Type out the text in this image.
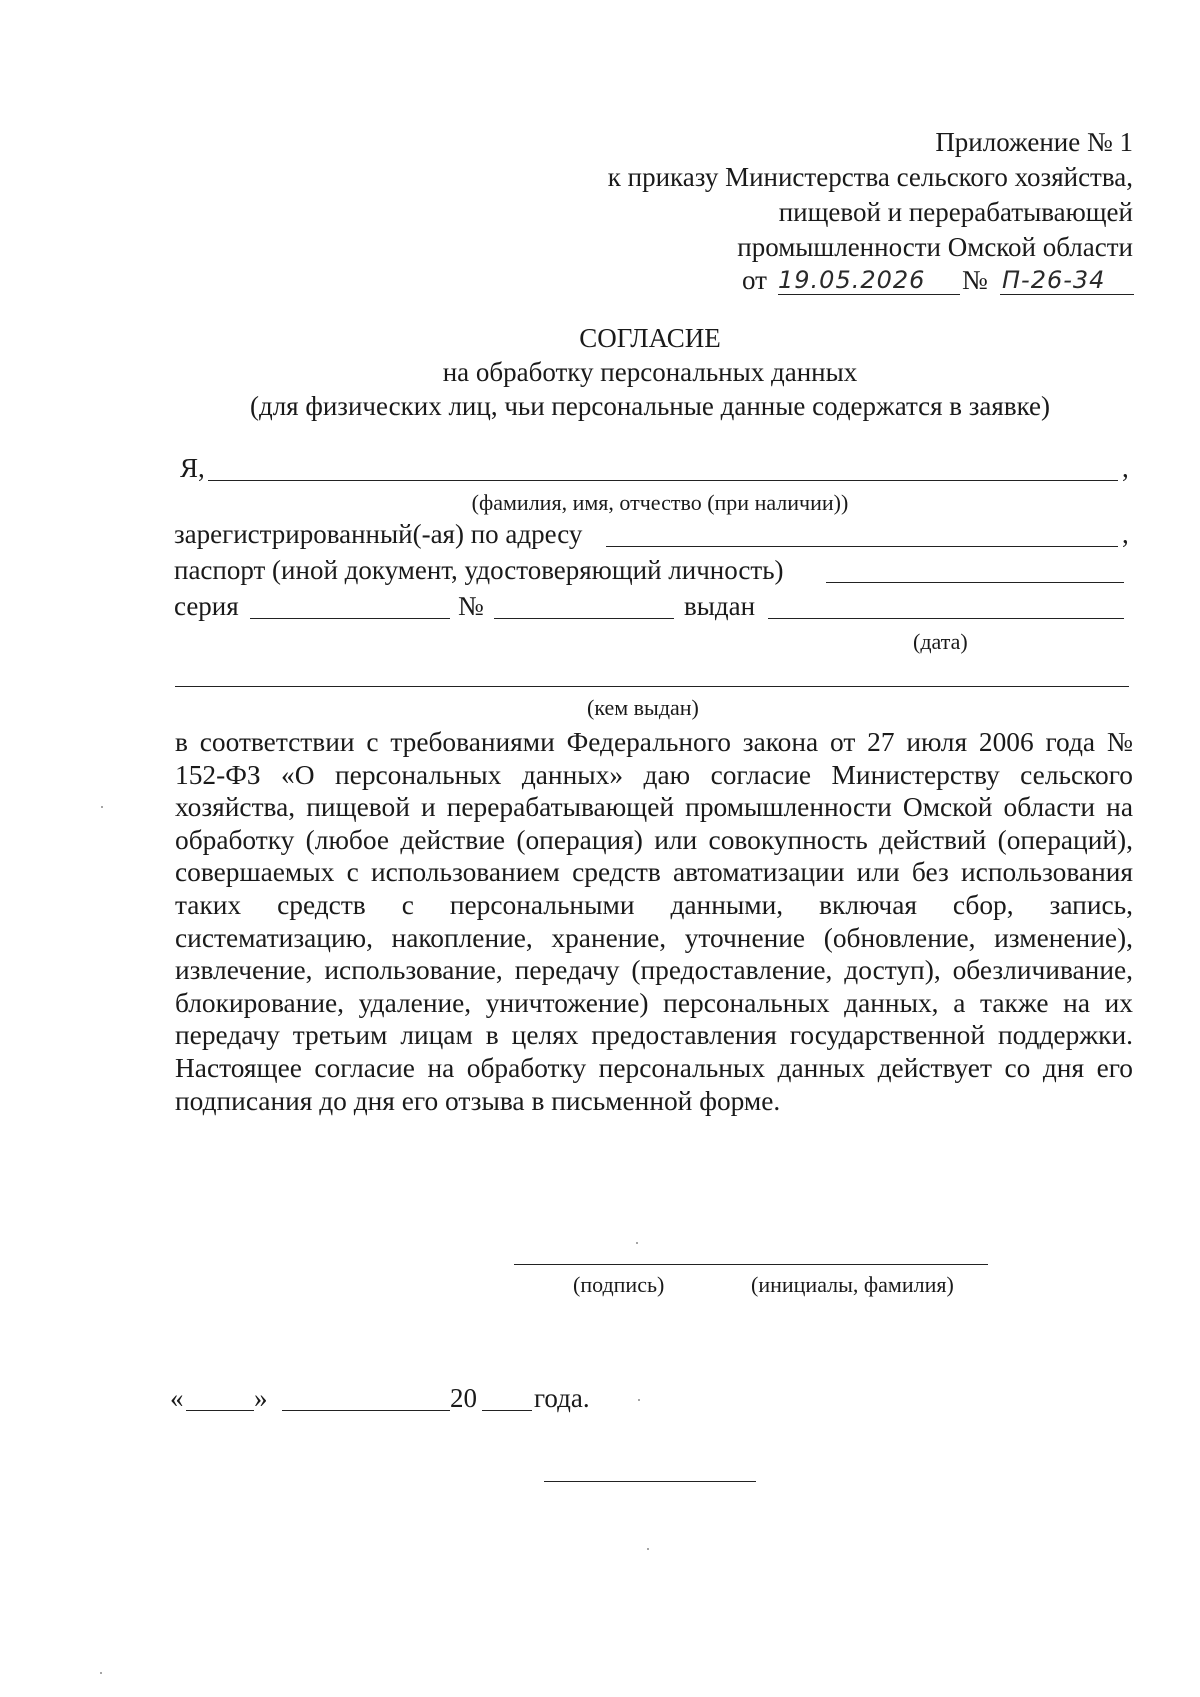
Приложение № 1
к приказу Министерства сельского хозяйства,
пищевой и перерабатывающей
промышленности Омской области
от 19.05.2026 № П-26-34
СОГЛАСИЕ
на обработку персональных данных
(для физических лиц, чьи персональные данные содержатся в заявке)
Я,	,
(фамилия, имя, отчество (при наличии))
зарегистрированный(-ая) по адресу	,
паспорт (иной документ, удостоверяющий личность)
серия	№	выдан
(дата)
(кем выдан)
в соответствии с требованиями Федерального закона от 27 июля 2006 года № 152-ФЗ «О персональных данных» даю согласие Министерству сельского хозяйства, пищевой и перерабатывающей промышленности Омской области на обработку (любое действие (операция) или совокупность действий (операций), совершаемых с использованием средств автоматизации или без использования таких средств с персональными данными, включая сбор, запись, систематизацию, накопление, хранение, уточнение (обновление, изменение), извлечение, использование, передачу (предоставление, доступ), обезличивание, блокирование, удаление, уничтожение) персональных данных, а также на их передачу третьим лицам в целях предоставления государственной поддержки. Настоящее согласие на обработку персональных данных действует со дня его подписания до дня его отзыва в письменной форме.
(подпись)	(инициалы, фамилия)
«	»	20 года.
